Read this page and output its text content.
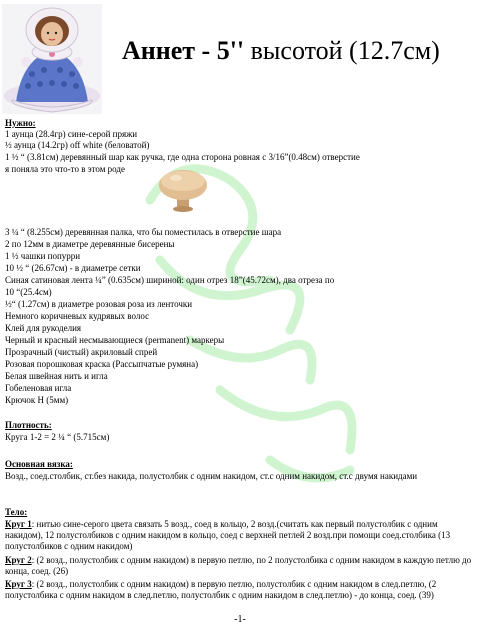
Аннет - 5'' высотой (12.7см)
Нужно:
1 аунцa (28.4гр) сине-серой пряжи
½ аунца (14.2гр) off white (беловатой)
1 ½ “ (3.81см) деревянный шар как ручка, где одна сторона ровная с 3/16”(0.48см) отверстие
я поняла это что-то в этом роде
3 ¼ “ (8.255см) деревянная палка, что бы поместилась в отверстие шара
2 по 12мм в диаметре деревянные бисерены
1 ½ чашки попурри
10 ½ “ (26.67см) - в диаметре сетки
Синая сатиновая лента ¼” (0.635см) шириной: один отрез 18”(45.72см), два отреза по
10 “(25.4см)
½“ (1.27см) в диаметре розовая роза из ленточки
Немного коричневых кудрявых волос
Клей для рукоделия
Черный и красный несмывающиеся (permanent) маркеры
Прозрачный (чистый) акриловый спрей
Розовая порошковая краска (Рассыпчатые румяна)
Белая швейная нить и игла
Гобеленовая игла
Крючок H (5мм)
Плотность:
Круга 1-2 = 2 ¼ “ (5.715см)
Основная вязка:
Возд., соед.столбик, ст.без накида, полустолбик с одним накидом, ст.с одним накидом, ст.с двумя накидами
Тело:
Круг 1: нитью сине-серого цвета связать 5 возд., соед в кольцо, 2 возд.(считать как первый полустолбик с одним накидом), 12 полустолбиков с одним накидом в кольцо, соед с верхней петлей 2 возд.при помощи соед.столбика (13 полустолбиков с одним накидом)
Круг 2: (2 возд., полустолбик с одним накидом) в первую петлю, по 2 полустолбика с одним накидом в каждую петлю до конца, соед. (26)
Круг 3: (2 возд., полустолбик с одним накидом) в первую петлю, полустолбик с одним накидом в след.петлю, (2 полустолбика с одним накидом в след.петлю, полустолбик с одним накидом в след.петлю) - до конца, соед. (39)
-1-
